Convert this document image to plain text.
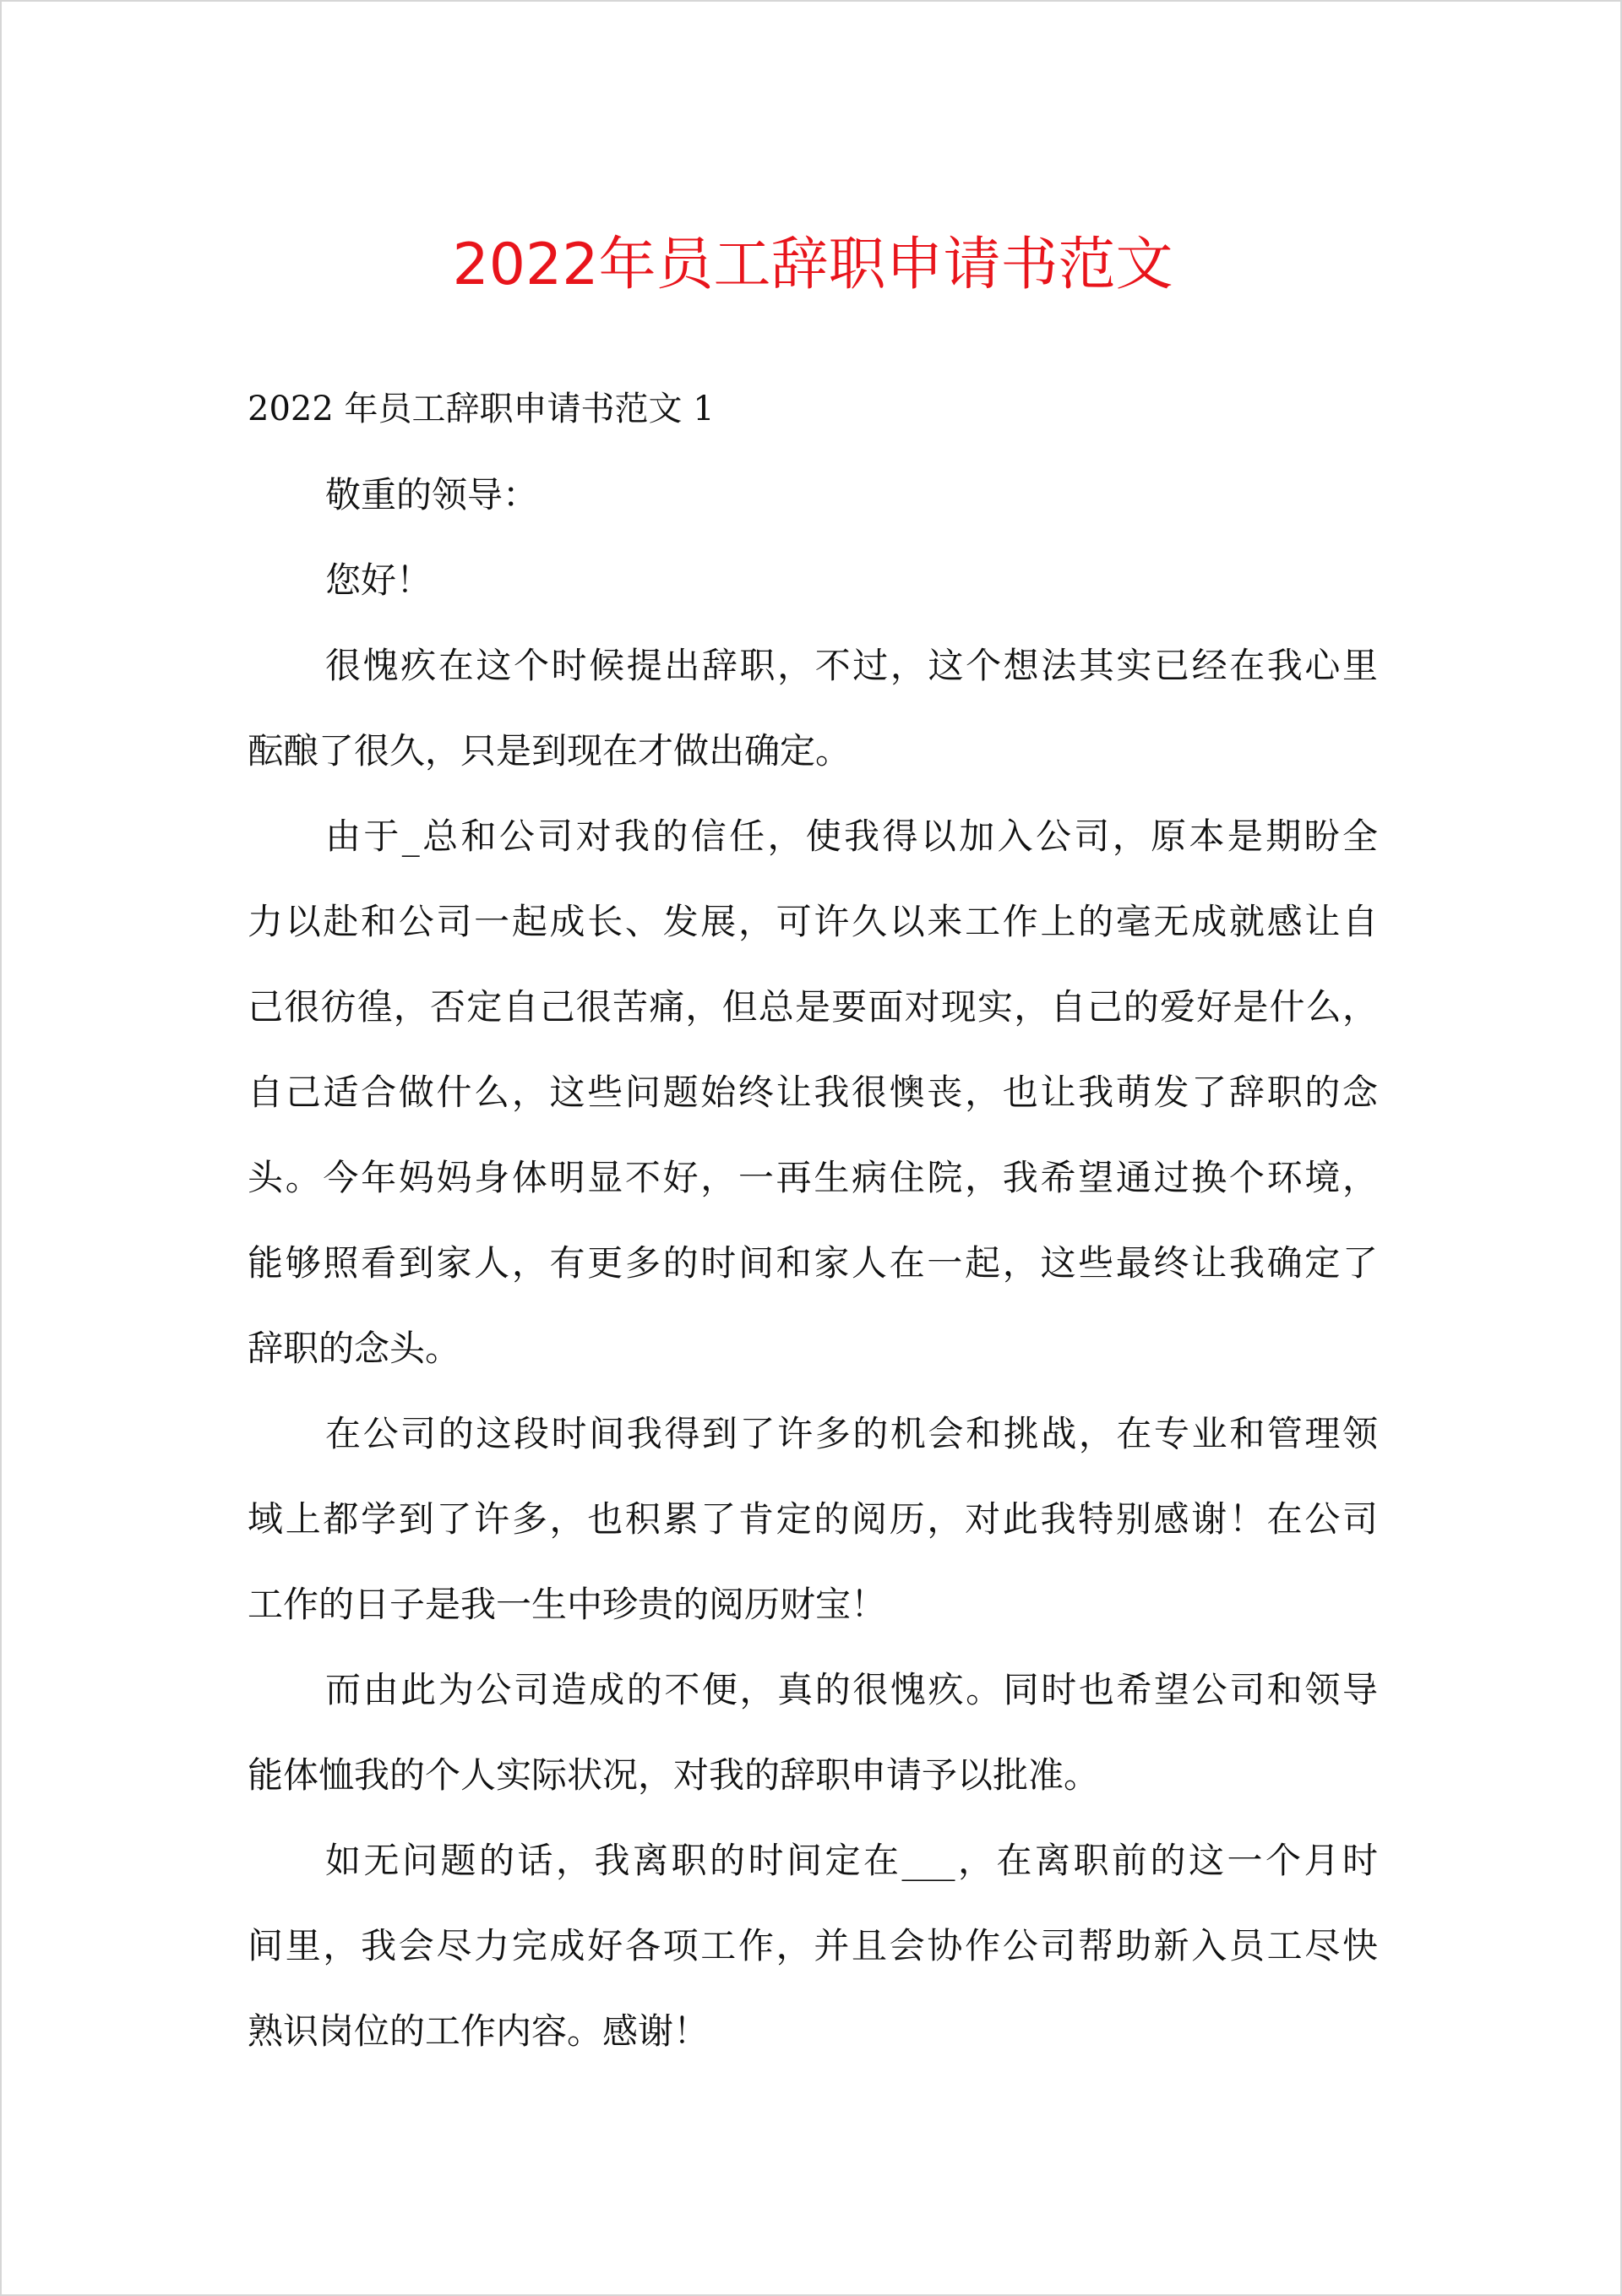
2022年员工辞职申请书范文
2022 年员工辞职申请书范文 1
敬重的领导：
您好！
很愧疚在这个时候提出辞职，不过，这个想法其实已经在我心里
酝酿了很久，只是到现在才做出确定。
由于_总和公司对我的信任，使我得以加入公司，原本是期盼全
力以赴和公司一起成长、发展，可许久以来工作上的毫无成就感让自
己很彷徨，否定自己很苦痛，但总是要面对现实，自己的爱好是什么，
自己适合做什么，这些问题始终让我很懊丧，也让我萌发了辞职的念
头。今年妈妈身体明显不好，一再生病住院，我希望通过换个环境，
能够照看到家人，有更多的时间和家人在一起，这些最终让我确定了
辞职的念头。
在公司的这段时间我得到了许多的机会和挑战，在专业和管理领
域上都学到了许多，也积累了肯定的阅历，对此我特别感谢！在公司
工作的日子是我一生中珍贵的阅历财宝！
而由此为公司造成的不便，真的很愧疚。同时也希望公司和领导
能体恤我的个人实际状况，对我的辞职申请予以批准。
如无问题的话，我离职的时间定在___，在离职前的这一个月时
间里，我会尽力完成好各项工作，并且会协作公司帮助新入员工尽快
熟识岗位的工作内容。感谢！
